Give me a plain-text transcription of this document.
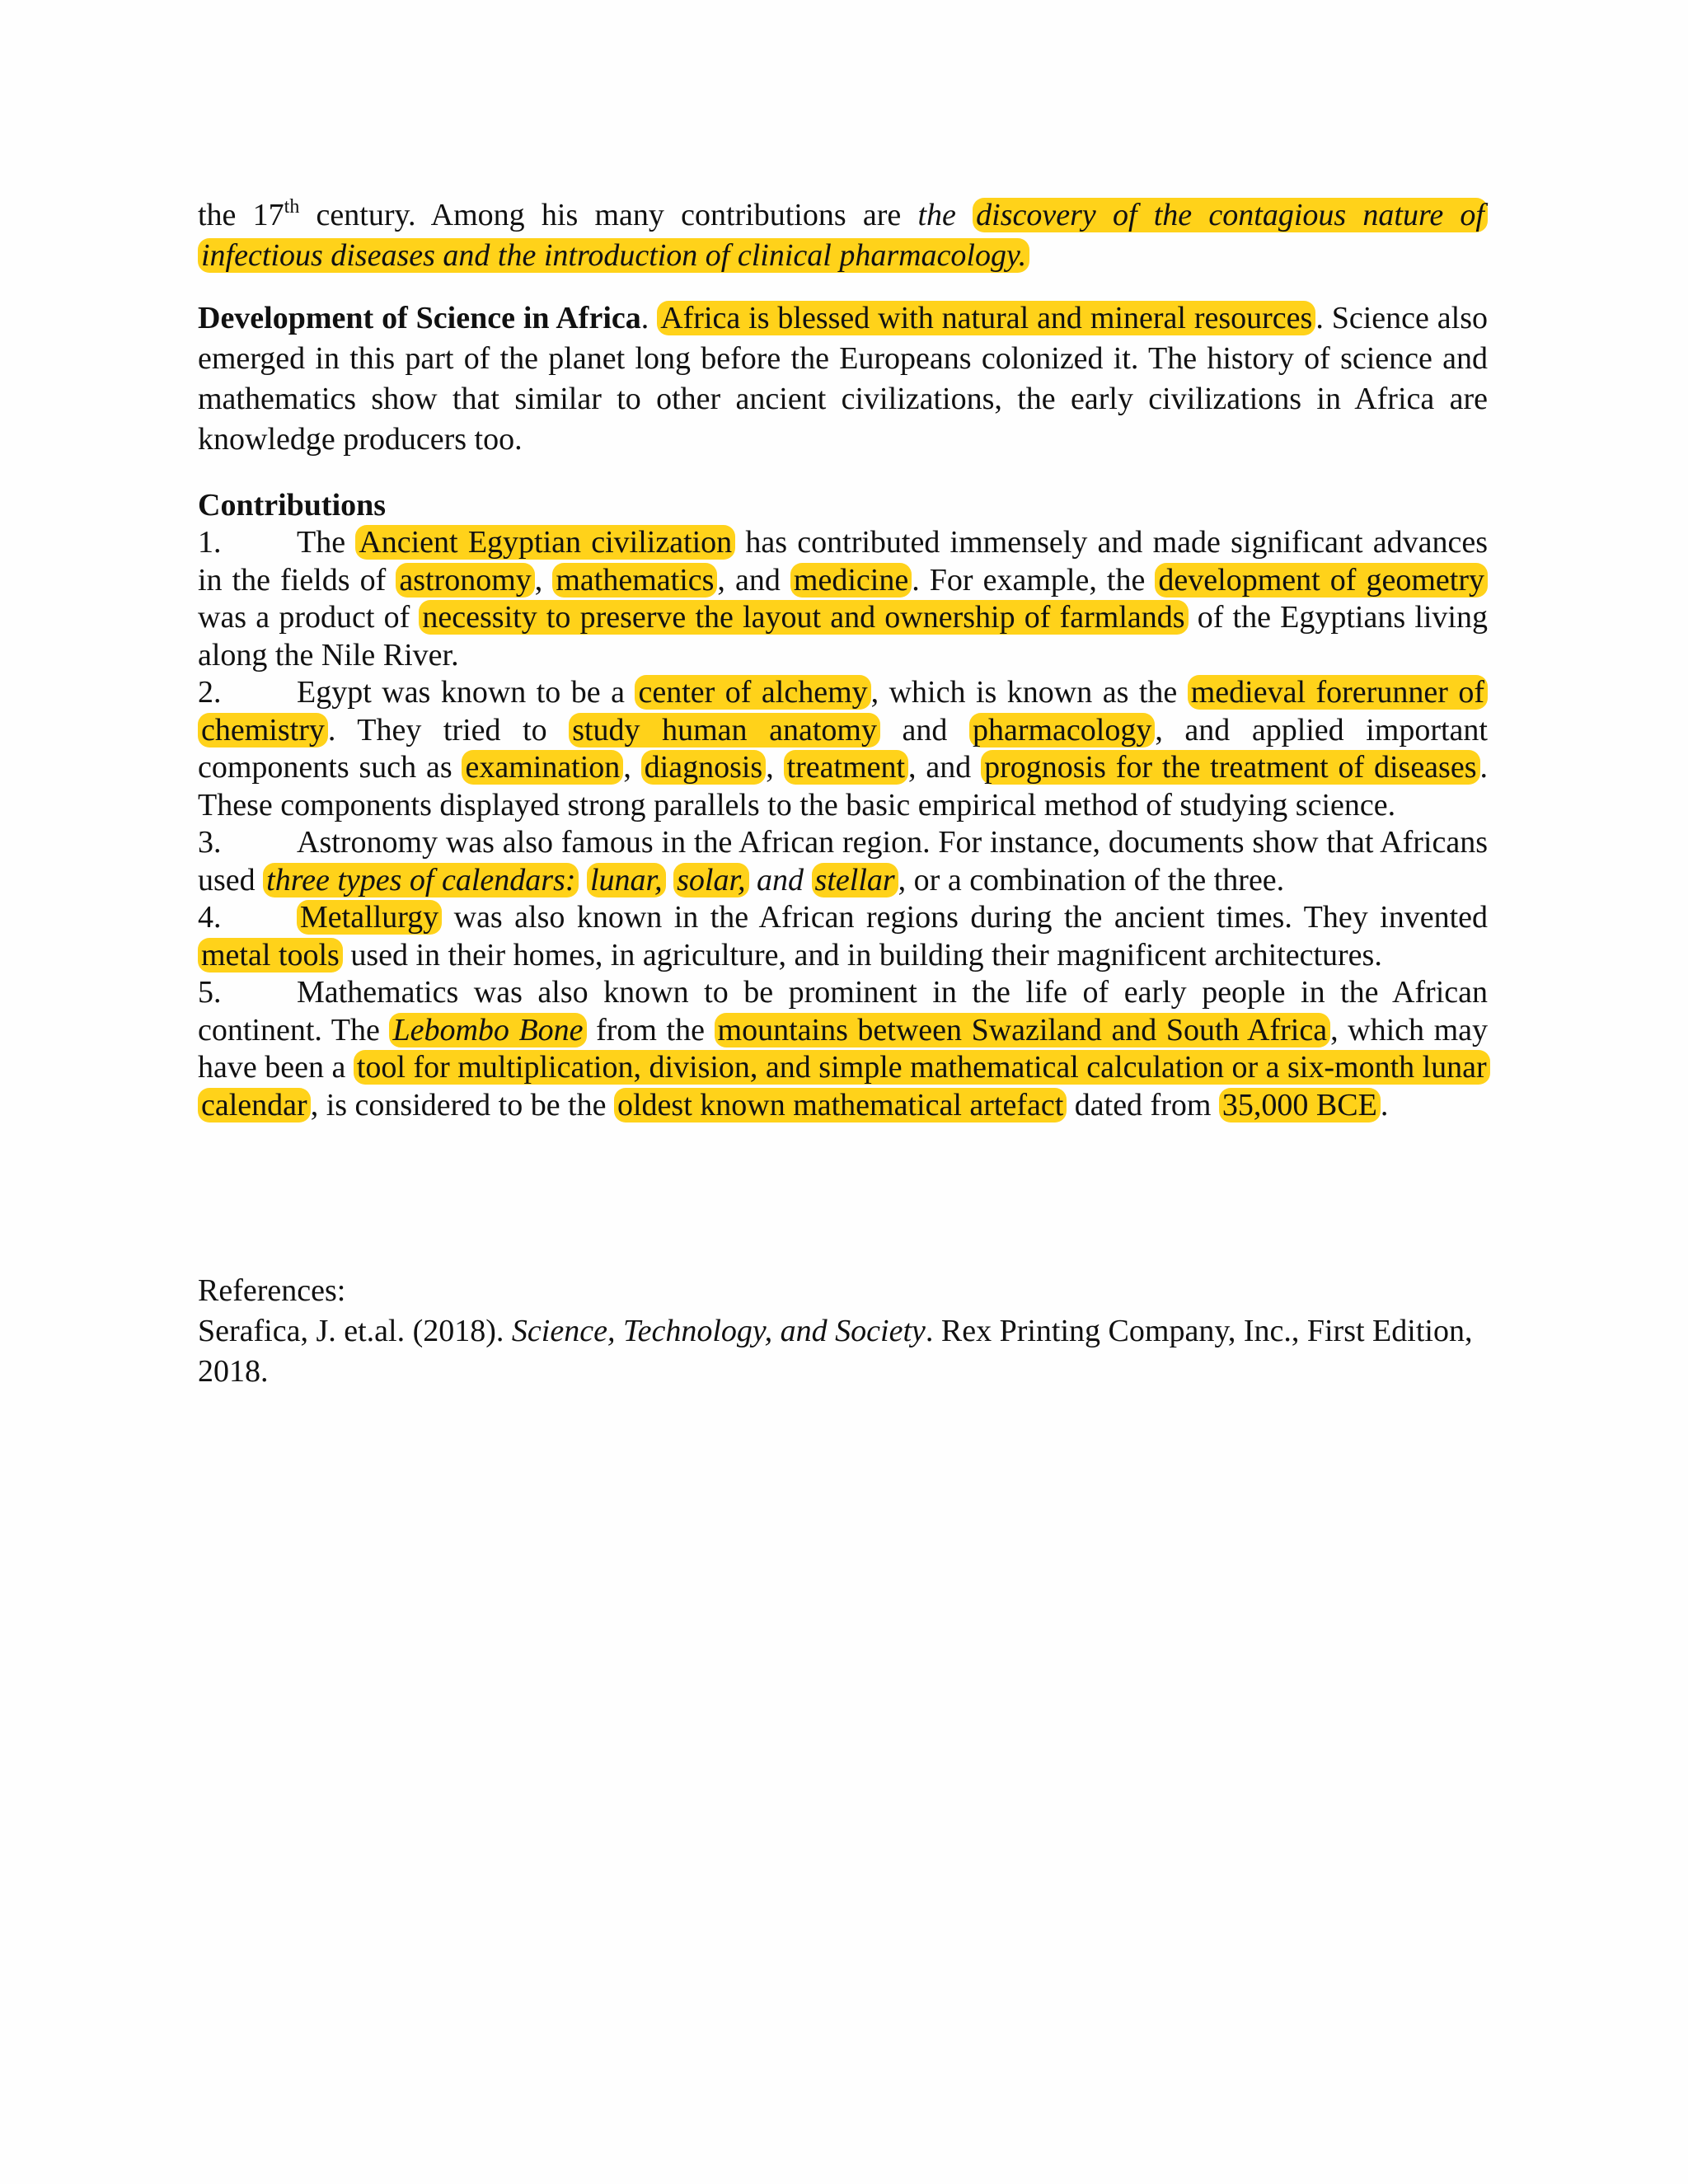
the 17th century. Among his many contributions are the discovery of the contagious nature of infectious diseases and the introduction of clinical pharmacology.

Development of Science in Africa. Africa is blessed with natural and mineral resources . Science also emerged in this part of the planet long before the Europeans colonized it. The history of science and mathematics show that similar to other ancient civilizations, the early civilizations in Africa are knowledge producers too.

Contributions

1. The Ancient Egyptian civilization has contributed immensely and made significant advances in the fields of astronomy , mathematics , and medicine . For example, the development of geometry was a product of necessity to preserve the layout and ownership of farmlands of the Egyptians living along the Nile River.

2. Egypt was known to be a center of alchemy , which is known as the medieval forerunner of chemistry . They tried to study human anatomy and pharmacology , and applied important components such as examination , diagnosis , treatment , and prognosis for the treatment of diseases . These components displayed strong parallels to the basic empirical method of studying science.

3. Astronomy was also famous in the African region. For instance, documents show that Africans used three types of calendars: lunar, solar, and stellar , or a combination of the three.

4.	Metallurgy was also known in the African regions during the ancient times. They invented metal tools used in their homes, in agriculture, and in building their magnificent architectures.

5. Mathematics was also known to be prominent in the life of early people in the African continent. The Lebombo Bone from the mountains between Swaziland and South Africa , which may have been a tool for multiplication, division, and simple mathematical calculation or a six-month lunar calendar , is considered to be the oldest known mathematical artefact dated from 35,000 BCE .

References:

Serafica, J. et.al. (2018). Science, Technology, and Society. Rex Printing Company, Inc., First Edition, 2018.
